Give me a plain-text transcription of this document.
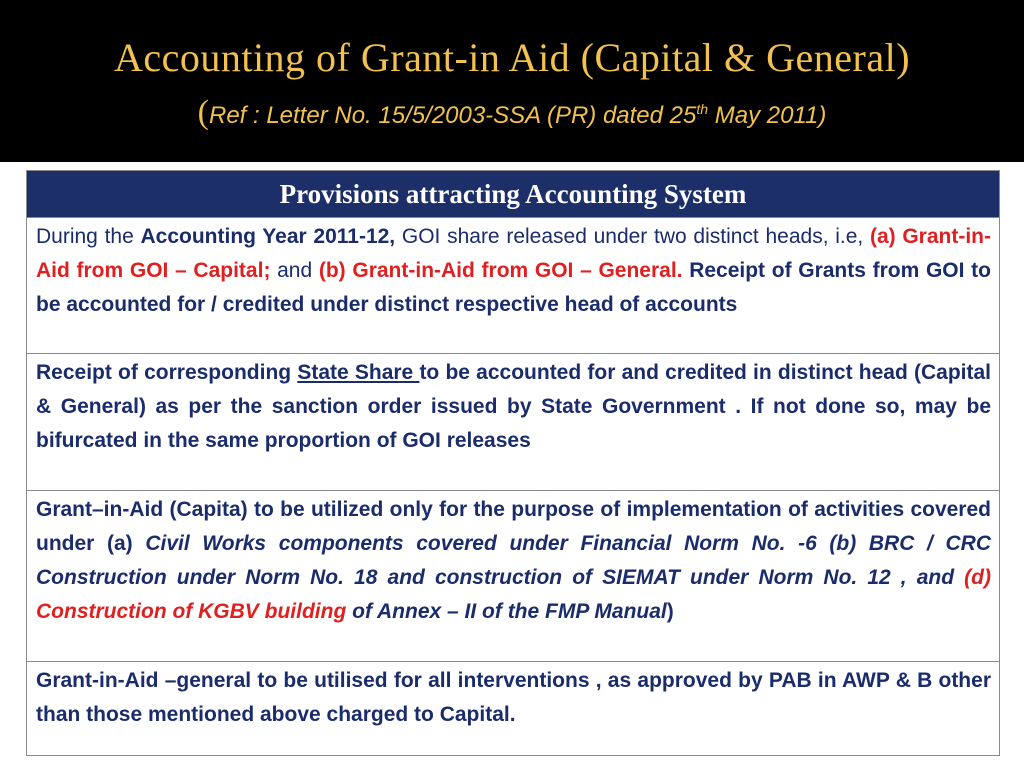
Accounting of Grant-in Aid (Capital & General)
(Ref : Letter No. 15/5/2003-SSA (PR) dated 25th May 2011)
Provisions attracting Accounting System
During the Accounting Year 2011-12, GOI share released under two distinct heads, i.e, (a) Grant-in-Aid from GOI – Capital; and (b) Grant-in-Aid from GOI – General. Receipt of Grants from GOI to be accounted for / credited under distinct respective head of accounts
Receipt of corresponding State Share to be accounted for and credited in distinct head (Capital & General) as per the sanction order issued by State Government . If not done so, may be bifurcated in the same proportion of GOI releases
Grant–in-Aid (Capita) to be utilized only for the purpose of implementation of activities covered under (a) Civil Works components covered under Financial Norm No. -6 (b) BRC / CRC Construction under Norm No. 18 and construction of SIEMAT under Norm No. 12 , and (d) Construction of KGBV building of Annex – II of the FMP Manual)
Grant-in-Aid –general to be utilised for all interventions , as approved by PAB in AWP & B other than those mentioned above charged to Capital.
